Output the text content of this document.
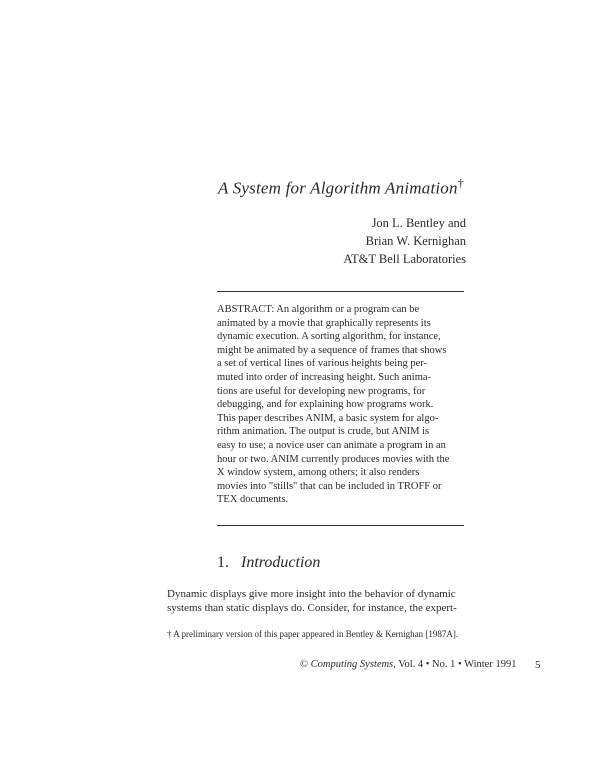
A System for Algorithm Animation†
Jon L. Bentley and
Brian W. Kernighan
AT&T Bell Laboratories
ABSTRACT: An algorithm or a program can be
animated by a movie that graphically represents its
dynamic execution. A sorting algorithm, for instance,
might be animated by a sequence of frames that shows
a set of vertical lines of various heights being per-
muted into order of increasing height. Such anima-
tions are useful for developing new programs, for
debugging, and for explaining how programs work.
This paper describes ANIM, a basic system for algo-
rithm animation. The output is crude, but ANIM is
easy to use; a novice user can animate a program in an
hour or two. ANIM currently produces movies with the
X window system, among others; it also renders
movies into "stills" that can be included in TROFF or
TEX documents.
1. Introduction
Dynamic displays give more insight into the behavior of dynamic
systems than static displays do. Consider, for instance, the expert-
† A preliminary version of this paper appeared in Bentley & Kernighan [1987A].
© Computing Systems, Vol. 4 • No. 1 • Winter 1991 5
